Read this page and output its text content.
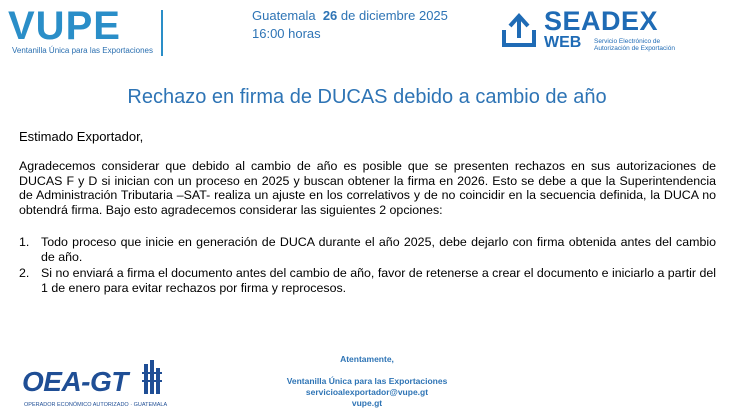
VUPE
Ventanilla Única para las Exportaciones
Guatemala 26 de diciembre 2025
16:00 horas	SEADEX
WEB Servicio Electrónico de Autorización de Exportación
Rechazo en firma de DUCAS debido a cambio de año
Estimado Exportador,
Agradecemos considerar que debido al cambio de año es posible que se presenten rechazos en sus autorizaciones de DUCAS F y D si inician con un proceso en 2025 y buscan obtener la firma en 2026. Esto se debe a que la Superintendencia de Administración Tributaria –SAT- realiza un ajuste en los correlativos y de no coincidir en la secuencia definida, la DUCA no obtendrá firma. Bajo esto agradecemos considerar las siguientes 2 opciones:
1. Todo proceso que inicie en generación de DUCA durante el año 2025, debe dejarlo con firma obtenida antes del cambio de año.
2. Si no enviará a firma el documento antes del cambio de año, favor de retenerse a crear el documento e iniciarlo a partir del 1 de enero para evitar rechazos por firma y reprocesos.
OEA-GT
OPERADOR ECONÓMICO AUTORIZADO · GUATEMALA
Atentamente,
Ventanilla Única para las Exportaciones
servicioalexportador@vupe.gt
vupe.gt
